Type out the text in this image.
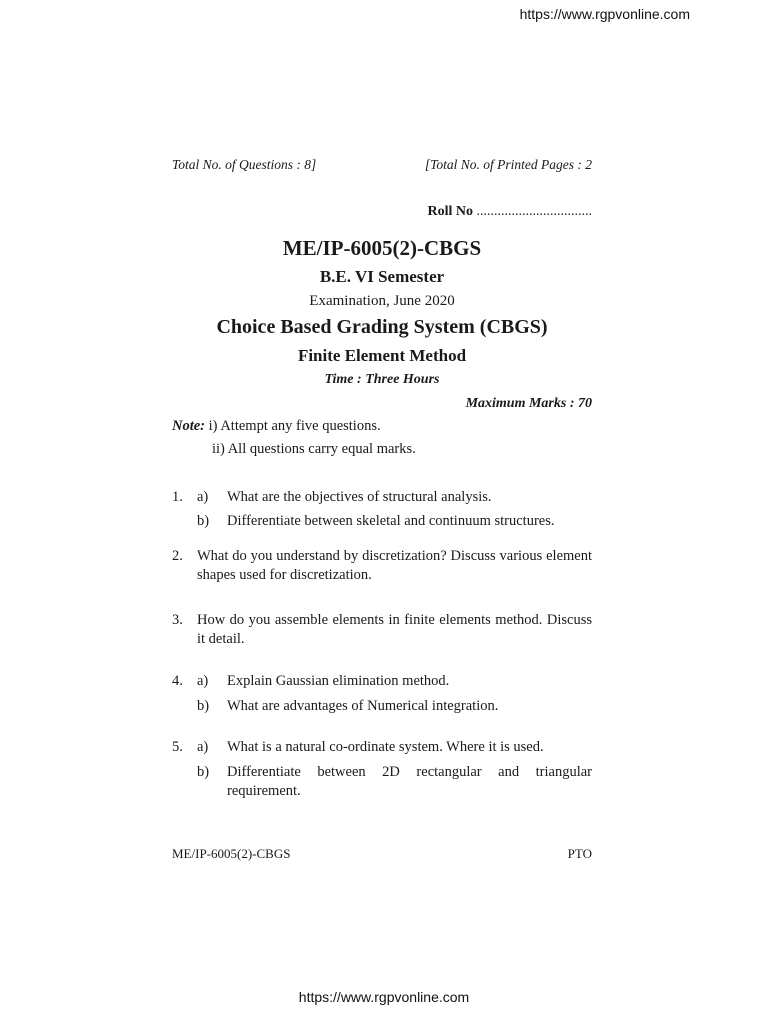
https://www.rgpvonline.com
Total No. of Questions : 8]	[Total No. of Printed Pages : 2
Roll No .................................
ME/IP-6005(2)-CBGS
B.E. VI Semester
Examination, June 2020
Choice Based Grading System (CBGS)
Finite Element Method
Time : Three Hours
Maximum Marks : 70
Note: i) Attempt any five questions.
ii) All questions carry equal marks.
1. a) What are the objectives of structural analysis.
b) Differentiate between skeletal and continuum structures.
2. What do you understand by discretization? Discuss various element shapes used for discretization.
3. How do you assemble elements in finite elements method. Discuss it detail.
4. a) Explain Gaussian elimination method.
b) What are advantages of Numerical integration.
5. a) What is a natural co-ordinate system. Where it is used.
b) Differentiate between 2D rectangular and triangular requirement.
ME/IP-6005(2)-CBGS	PTO
https://www.rgpvonline.com
